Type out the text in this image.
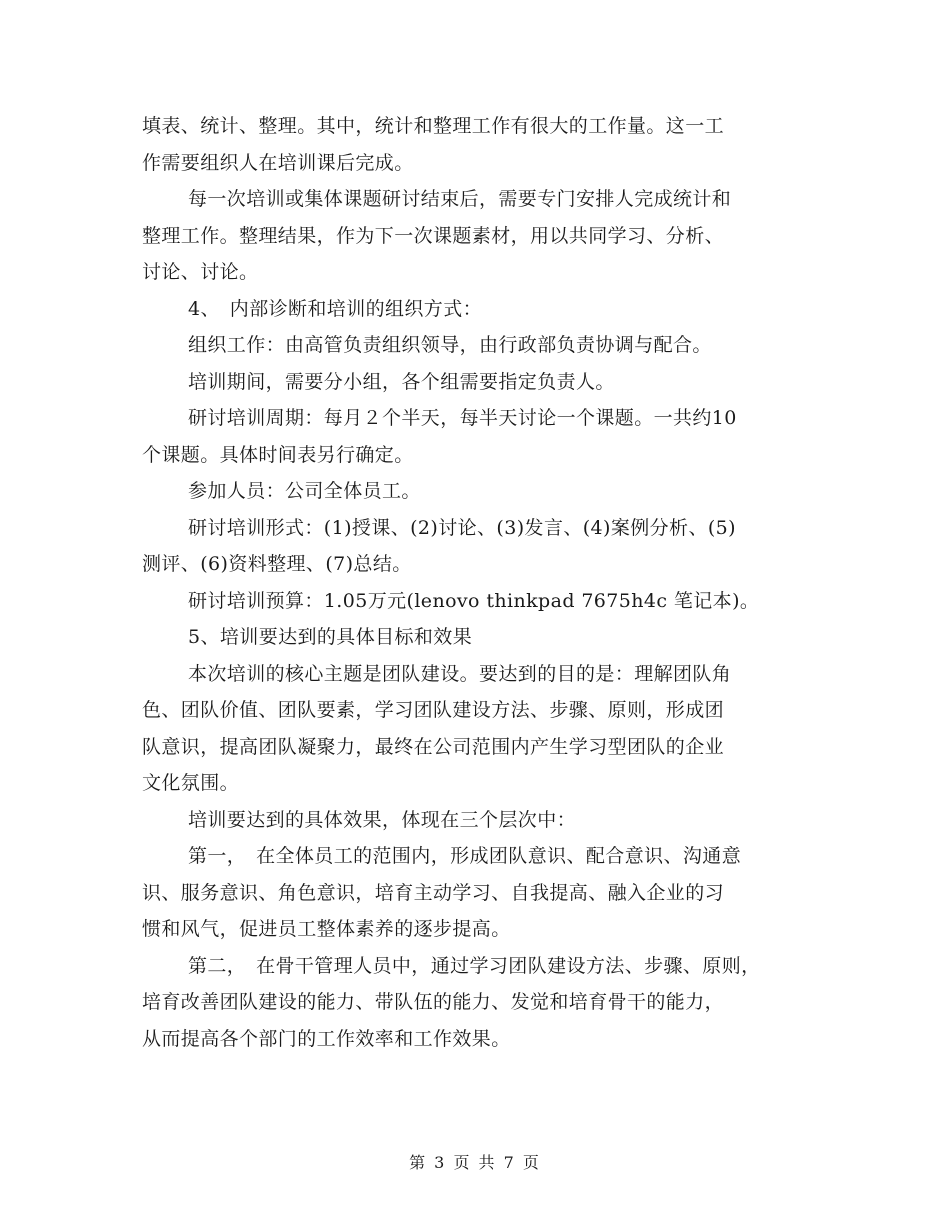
填表、统计、整理。其中，统计和整理工作有很大的工作量。这一工
作需要组织人在培训课后完成。
每一次培训或集体课题研讨结束后，需要专门安排人完成统计和
整理工作。整理结果，作为下一次课题素材，用以共同学习、分析、
讨论、讨论。
4、　内部诊断和培训的组织方式：
组织工作：由高管负责组织领导，由行政部负责协调与配合。
培训期间，需要分小组，各个组需要指定负责人。
研讨培训周期：每月２个半天，每半天讨论一个课题。一共约10
个课题。具体时间表另行确定。
参加人员：公司全体员工。
研讨培训形式：(1)授课、(2)讨论、(3)发言、(4)案例分析、(5)
测评、(6)资料整理、(7)总结。
研讨培训预算：1.05万元(lenovo thinkpad 7675h4c 笔记本)。
5、培训要达到的具体目标和效果
本次培训的核心主题是团队建设。要达到的目的是：理解团队角
色、团队价值、团队要素，学习团队建设方法、步骤、原则，形成团
队意识，提高团队凝聚力，最终在公司范围内产生学习型团队的企业
文化氛围。
培训要达到的具体效果，体现在三个层次中：
第一，　在全体员工的范围内，形成团队意识、配合意识、沟通意
识、服务意识、角色意识，培育主动学习、自我提高、融入企业的习
惯和风气，促进员工整体素养的逐步提高。
第二，　在骨干管理人员中，通过学习团队建设方法、步骤、原则，
培育改善团队建设的能力、带队伍的能力、发觉和培育骨干的能力，
从而提高各个部门的工作效率和工作效果。
第 3 页 共 7 页
